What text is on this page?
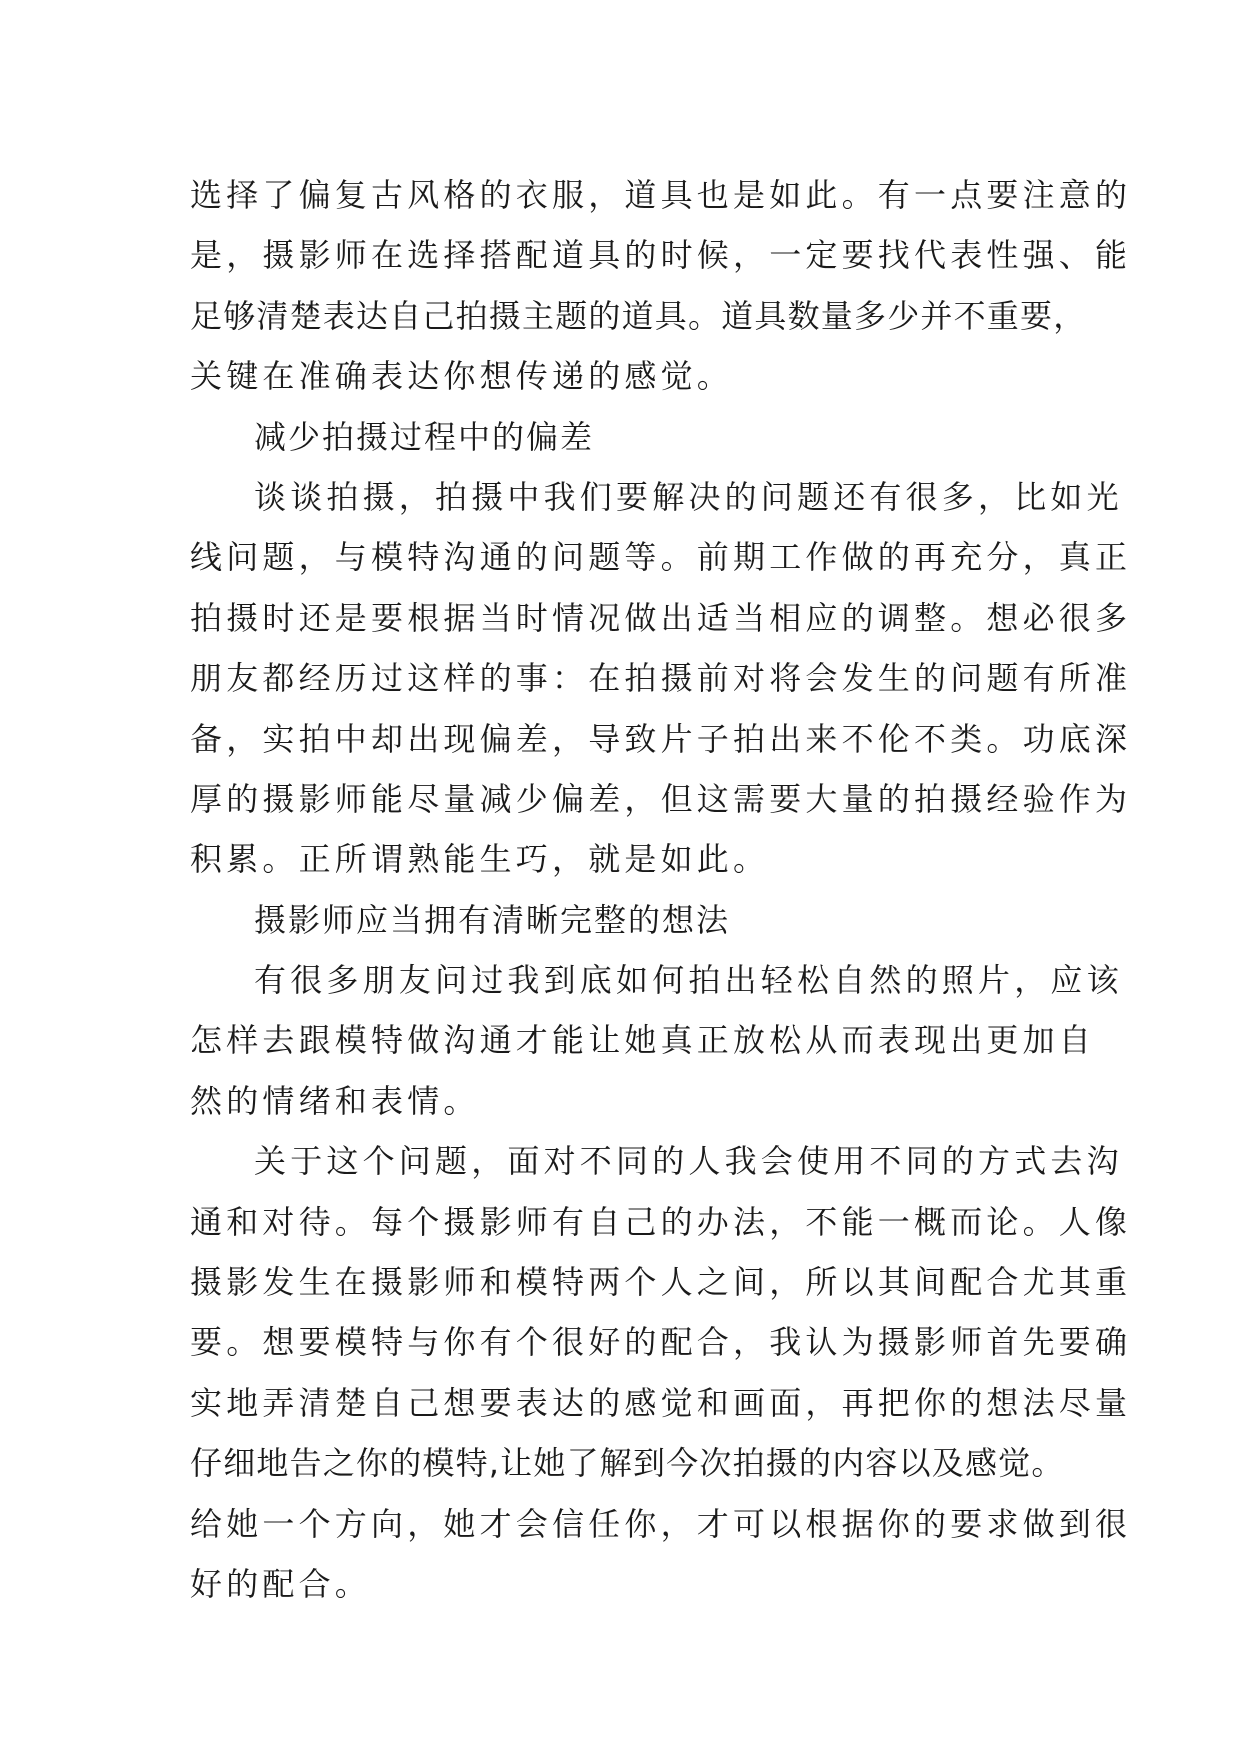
选择了偏复古风格的衣服，道具也是如此。有一点要注意的
是，摄影师在选择搭配道具的时候，一定要找代表性强、能
足够清楚表达自己拍摄主题的道具。道具数量多少并不重要，
关键在准确表达你想传递的感觉。
减少拍摄过程中的偏差
谈谈拍摄，拍摄中我们要解决的问题还有很多，比如光
线问题，与模特沟通的问题等。前期工作做的再充分，真正
拍摄时还是要根据当时情况做出适当相应的调整。想必很多
朋友都经历过这样的事：在拍摄前对将会发生的问题有所准
备，实拍中却出现偏差，导致片子拍出来不伦不类。功底深
厚的摄影师能尽量减少偏差，但这需要大量的拍摄经验作为
积累。正所谓熟能生巧，就是如此。
摄影师应当拥有清晰完整的想法
有很多朋友问过我到底如何拍出轻松自然的照片，应该
怎样去跟模特做沟通才能让她真正放松从而表现出更加自
然的情绪和表情。
关于这个问题，面对不同的人我会使用不同的方式去沟
通和对待。每个摄影师有自己的办法，不能一概而论。人像
摄影发生在摄影师和模特两个人之间，所以其间配合尤其重
要。想要模特与你有个很好的配合，我认为摄影师首先要确
实地弄清楚自己想要表达的感觉和画面，再把你的想法尽量
仔细地告之你的模特,让她了解到今次拍摄的内容以及感觉。
给她一个方向，她才会信任你，才可以根据你的要求做到很
好的配合。
